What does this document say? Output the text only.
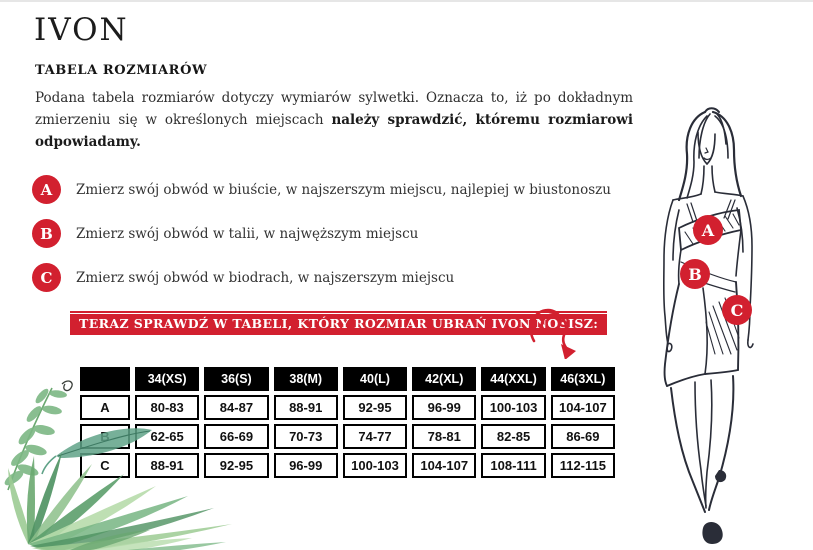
IVON
TABELA ROZMIARÓW
Podana tabela rozmiarów dotyczy wymiarów sylwetki. Oznacza to, iż po dokładnym zmierzeniu się w określonych miejscach należy sprawdzić, któremu rozmiarowi odpowiadamy.
A	Zmierz swój obwód w biuście, w najszerszym miejscu, najlepiej w biustonoszu
B	Zmierz swój obwód w talii, w najwęższym miejscu
C	Zmierz swój obwód w biodrach, w najszerszym miejscu
TERAZ SPRAWDŹ W TABELI, KTÓRY ROZMIAR UBRAŃ IVON NOSISZ:
	34(XS)	36(S)	38(M)	40(L)	42(XL)	44(XXL)	46(3XL)
A	80-83	84-87	88-91	92-95	96-99	100-103	104-107
	62-65	66-69	70-73	74-77	78-81	82-85	86-69
C	88-91	92-95	96-99	100-103	104-107	108-111	112-115
A
B
C
